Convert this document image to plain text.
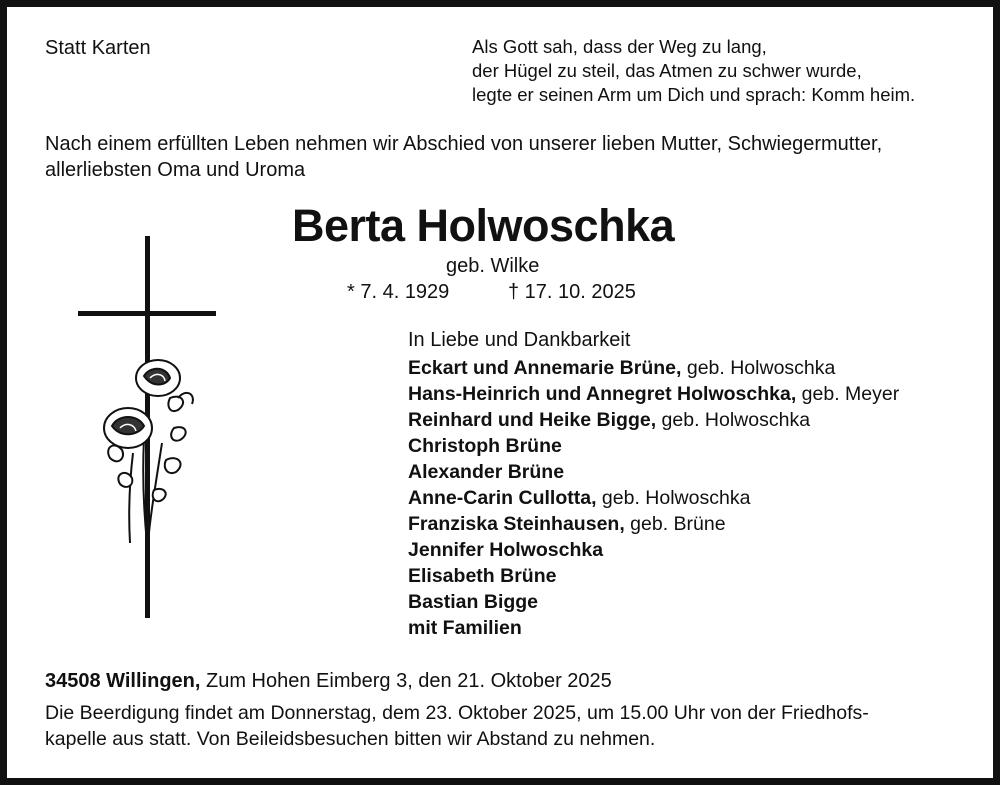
Statt Karten	Als Gott sah, dass der Weg zu lang,
der Hügel zu steil, das Atmen zu schwer wurde,
legte er seinen Arm um Dich und sprach: Komm heim.
Nach einem erfüllten Leben nehmen wir Abschied von unserer lieben Mutter, Schwiegermutter,
allerliebsten Oma und Uroma
Berta Holwoschka
geb. Wilke
* 7. 4. 1929	† 17. 10. 2025
In Liebe und Dankbarkeit
Eckart und Annemarie Brüne, geb. Holwoschka
Hans-Heinrich und Annegret Holwoschka, geb. Meyer
Reinhard und Heike Bigge, geb. Holwoschka
Christoph Brüne
Alexander Brüne
Anne-Carin Cullotta, geb. Holwoschka
Franziska Steinhausen, geb. Brüne
Jennifer Holwoschka
Elisabeth Brüne
Bastian Bigge
mit Familien
34508 Willingen, Zum Hohen Eimberg 3, den 21. Oktober 2025
Die Beerdigung findet am Donnerstag, dem 23. Oktober 2025, um 15.00 Uhr von der Friedhofs-
kapelle aus statt. Von Beileidsbesuchen bitten wir Abstand zu nehmen.
